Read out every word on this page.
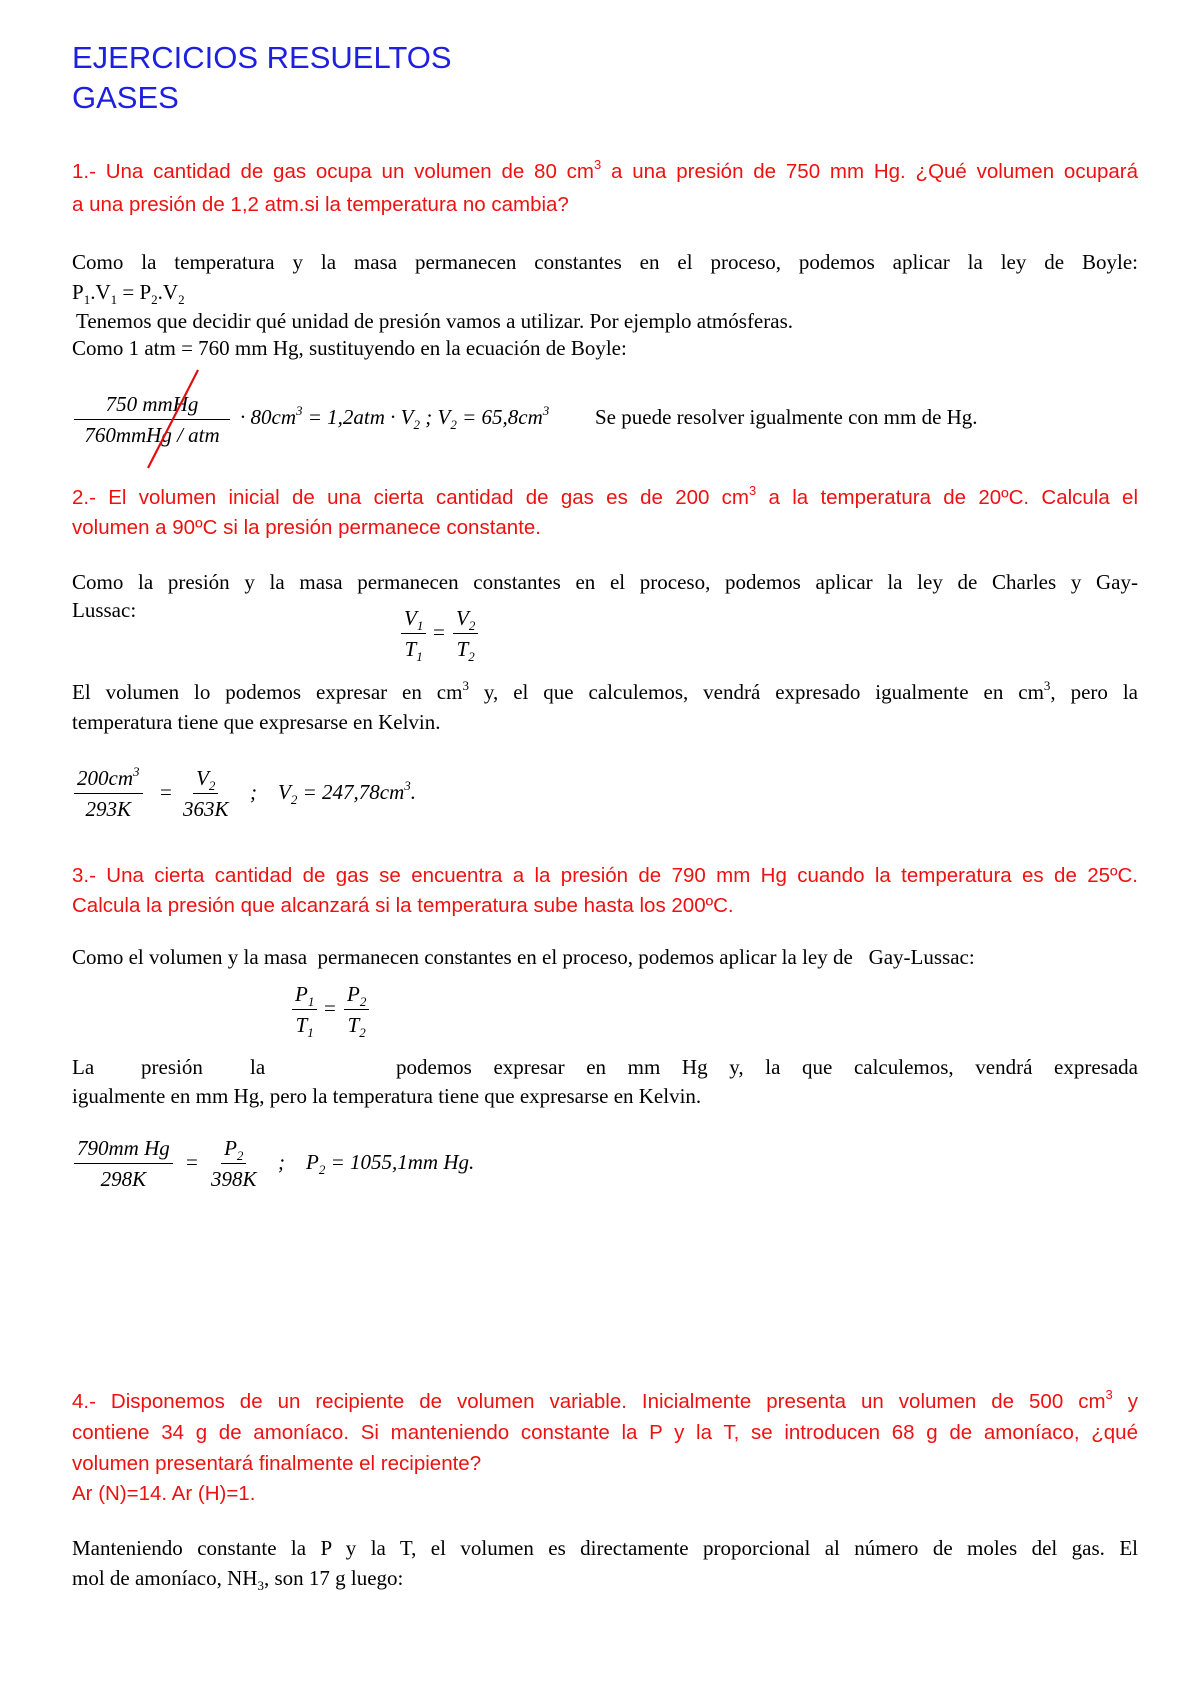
EJERCICIOS RESUELTOS
GASES
1.- Una cantidad de gas ocupa un volumen de 80 $cm^3$ a una presión de 750 mm Hg. ¿Qué volumen ocupará
a una presión de 1,2 atm.si la temperatura no cambia?
Como la temperatura y la masa permanecen constantes en el proceso, podemos aplicar la ley de Boyle:
$P_1.V_1 = P_2.V_2$
Tenemos que decidir qué unidad de presión vamos a utilizar. Por ejemplo atmósferas.
Como 1 atm = 760 mm Hg, sustituyendo en la ecuación de Boyle:
750 mmHg
760mmHg / atm
· $80cm^3 = 1,2atm \cdot V_2$ ; $V_2 = 65,8cm^3$ Se puede resolver igualmente con mm de Hg.
2.- El volumen inicial de una cierta cantidad de gas es de 200 $cm^3$ a la temperatura de 20ºC. Calcula el
volumen a 90ºC si la presión permanece constante.
Como la presión y la masa permanecen constantes en el proceso, podemos aplicar la ley de Charles y Gay-
Lussac:	$\frac{V_1}{T_1} = \frac{V_2}{T_2}$
El volumen lo podemos expresar en $cm^3$ y, el que calculemos, vendrá expresado igualmente en $cm^3$, pero la
temperatura tiene que expresarse en Kelvin.
$\frac{200cm^3}{293K} = \frac{V_2}{363K}$ ;    $V_2 = 247,78cm^3$.
3.- Una cierta cantidad de gas se encuentra a la presión de 790 mm Hg cuando la temperatura es de 25ºC.
Calcula la presión que alcanzará si la temperatura sube hasta los 200ºC.
Como el volumen y la masa  permanecen constantes en el proceso, podemos aplicar la ley de   Gay-Lussac:
$\frac{P_1}{T_1} = \frac{P_2}{T_2}$
La presión la	podemos expresar en mm Hg y, la que calculemos, vendrá expresada
igualmente en mm Hg, pero la temperatura tiene que expresarse en Kelvin.
$\frac{\text{790mm Hg}}{298K} = \frac{P_2}{398K}$ ;    $P_2 = 1055,1mm$ Hg.
4.- Disponemos de un recipiente de volumen variable. Inicialmente presenta un volumen de 500 $cm^3$ y
contiene 34 g de amoníaco. Si manteniendo constante la P y la T, se introducen 68 g de amoníaco, ¿qué
volumen presentará finalmente el recipiente?
Ar (N)=14. Ar (H)=1.
Manteniendo constante la P y la T, el volumen es directamente proporcional al número de moles del gas. El
mol de amoníaco, $NH_3$, son 17 g luego:
